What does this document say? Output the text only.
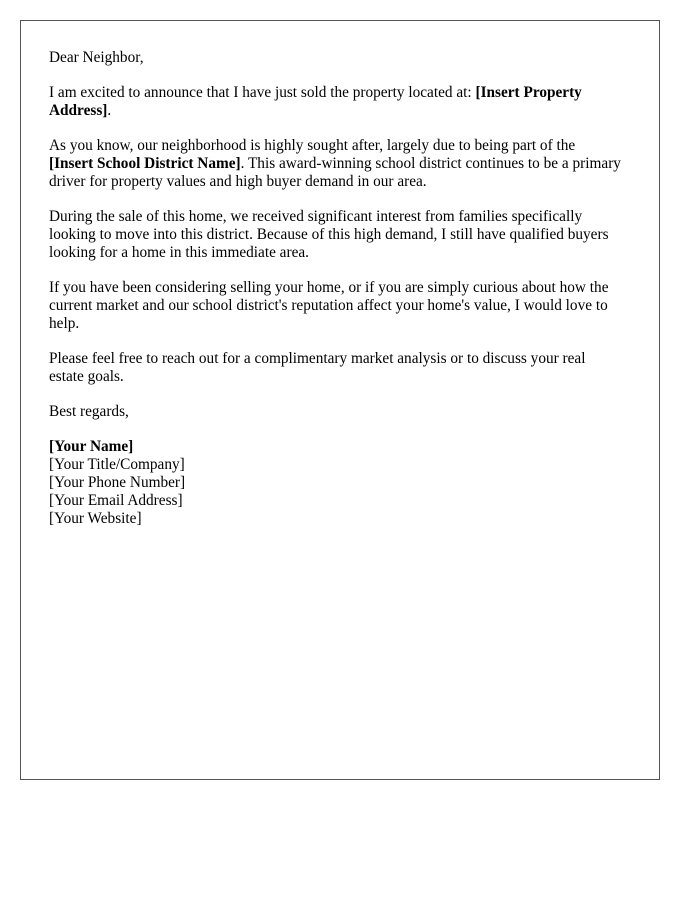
Dear Neighbor,

I am excited to announce that I have just sold the property located at: [Insert Property Address].

As you know, our neighborhood is highly sought after, largely due to being part of the [Insert School District Name]. This award-winning school district continues to be a primary driver for property values and high buyer demand in our area.

During the sale of this home, we received significant interest from families specifically looking to move into this district. Because of this high demand, I still have qualified buyers looking for a home in this immediate area.

If you have been considering selling your home, or if you are simply curious about how the current market and our school district's reputation affect your home's value, I would love to help.

Please feel free to reach out for a complimentary market analysis or to discuss your real estate goals.

Best regards,

[Your Name]
[Your Title/Company]
[Your Phone Number]
[Your Email Address]
[Your Website]
